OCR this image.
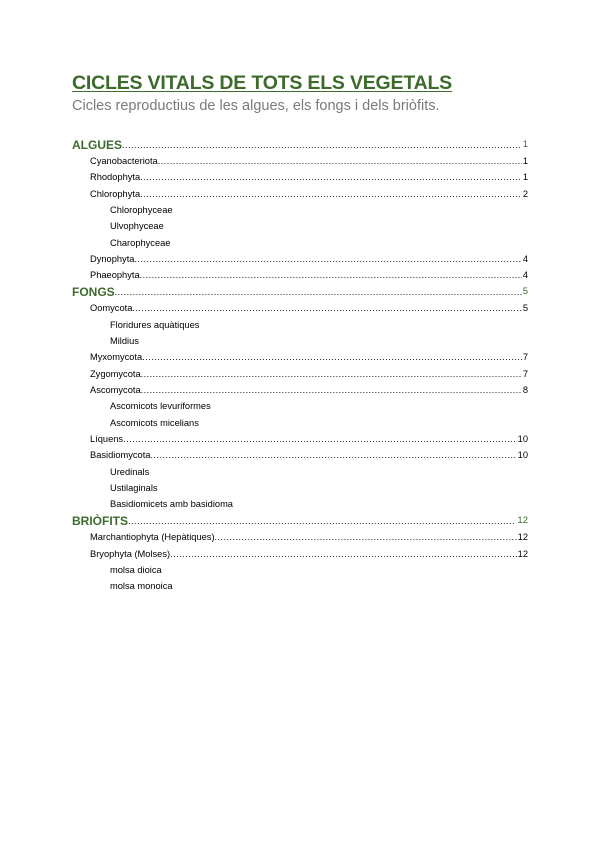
CICLES VITALS DE TOTS ELS VEGETALS
Cicles reproductius de les algues, els fongs i dels briòfits.
ALGUES .....	1
Cyanobacteriota .....	1
Rhodophyta .....	1
Chlorophyta .....	2
Chlorophyceae
Ulvophyceae
Charophyceae
Dynophyta .....	4
Phaeophyta .....	4
FONGS .....	5
Oomycota .....	5
Floridures aquàtiques
Mildius
Myxomycota .....	7
Zygomycota .....	7
Ascomycota .....	8
Ascomicots levuriformes
Ascomicots micelians
Líquens .....	10
Basidiomycota .....	10
Uredinals
Ustilaginals
Basidiomicets amb basidioma
BRIÒFITS .....	12
Marchantiophyta (Hepàtiques) .....	12
Bryophyta (Molses) .....	12
molsa dioica
molsa monoica
